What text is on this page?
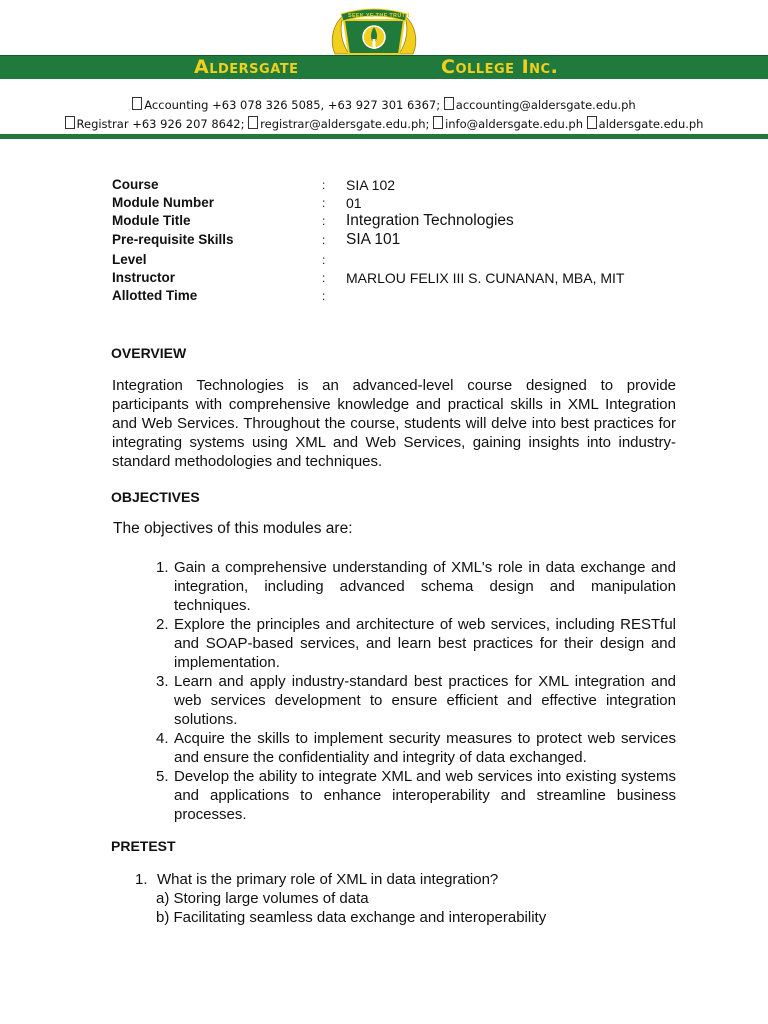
SEEK YE THE TRUTH
Aldersgate	College Inc.
Accounting +63 078 326 5085, +63 927 301 6367; accounting@aldersgate.edu.ph
Registrar +63 926 207 8642; registrar@aldersgate.edu.ph; info@aldersgate.edu.ph aldersgate.edu.ph
Course	: SIA 102
Module Number	: 01
Module Title	: Integration Technologies
Pre-requisite Skills	: SIA 101
Level	:
Instructor	: MARLOU FELIX III S. CUNANAN, MBA, MIT
Allotted Time	:
OVERVIEW

Integration Technologies is an advanced-level course designed to provide participants with comprehensive knowledge and practical skills in XML Integration and Web Services. Throughout the course, students will delve into best practices for integrating systems using XML and Web Services, gaining insights into industry-standard methodologies and techniques.

OBJECTIVES
The objectives of this modules are:
1. Gain a comprehensive understanding of XML's role in data exchange and integration, including advanced schema design and manipulation techniques.
2. Explore the principles and architecture of web services, including RESTful and SOAP-based services, and learn best practices for their design and implementation.
3. Learn and apply industry-standard best practices for XML integration and web services development to ensure efficient and effective integration solutions.
4. Acquire the skills to implement security measures to protect web services and ensure the confidentiality and integrity of data exchanged.
5. Develop the ability to integrate XML and web services into existing systems and applications to enhance interoperability and streamline business processes.
PRETEST
1. What is the primary role of XML in data integration?
a) Storing large volumes of data
b) Facilitating seamless data exchange and interoperability
